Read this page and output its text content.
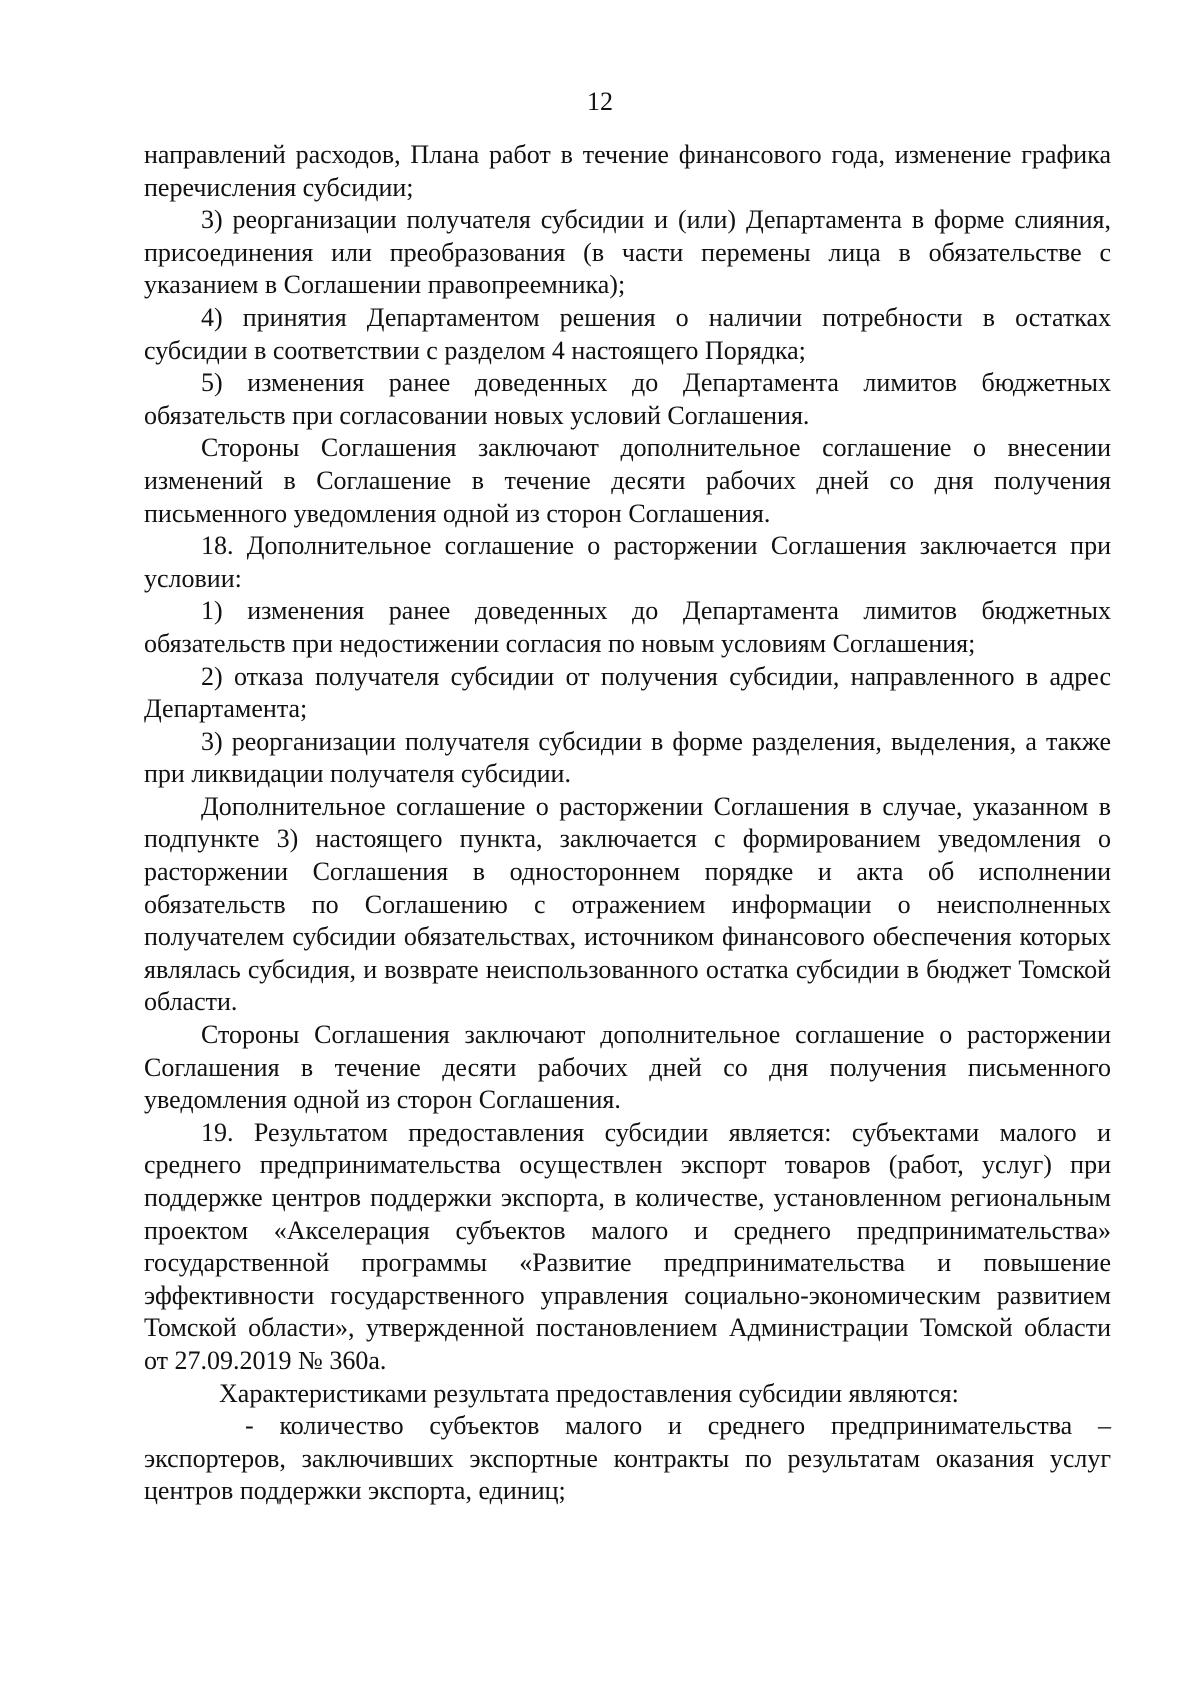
12

направлений расходов, Плана работ в течение финансового года, изменение графика перечисления субсидии;

3) реорганизации получателя субсидии и (или) Департамента в форме слияния, присоединения или преобразования (в части перемены лица в обязательстве с указанием в Соглашении правопреемника);

4) принятия Департаментом решения о наличии потребности в остатках субсидии в соответствии с разделом 4 настоящего Порядка;

5) изменения ранее доведенных до Департамента лимитов бюджетных обязательств при согласовании новых условий Соглашения.

Стороны Соглашения заключают дополнительное соглашение о внесении изменений в Соглашение в течение десяти рабочих дней со дня получения письменного уведомления одной из сторон Соглашения.

18. Дополнительное соглашение о расторжении Соглашения заключается при условии:

1) изменения ранее доведенных до Департамента лимитов бюджетных обязательств при недостижении согласия по новым условиям Соглашения;

2) отказа получателя субсидии от получения субсидии, направленного в адрес Департамента;

3) реорганизации получателя субсидии в форме разделения, выделения, а также при ликвидации получателя субсидии.

Дополнительное соглашение о расторжении Соглашения в случае, указанном в подпункте 3) настоящего пункта, заключается с формированием уведомления о расторжении Соглашения в одностороннем порядке и акта об исполнении обязательств по Соглашению с отражением информации о неисполненных получателем субсидии обязательствах, источником финансового обеспечения которых являлась субсидия, и возврате неиспользованного остатка субсидии в бюджет Томской области.

Стороны Соглашения заключают дополнительное соглашение о расторжении Соглашения в течение десяти рабочих дней со дня получения письменного уведомления одной из сторон Соглашения.

19. Результатом предоставления субсидии является: субъектами малого и среднего предпринимательства осуществлен экспорт товаров (работ, услуг) при поддержке центров поддержки экспорта, в количестве, установленном региональным проектом «Акселерация субъектов малого и среднего предпринимательства» государственной программы «Развитие предпринимательства и повышение эффективности государственного управления социально-экономическим развитием Томской области», утвержденной постановлением Администрации Томской области от 27.09.2019 № 360а.

Характеристиками результата предоставления субсидии являются:

- количество субъектов малого и среднего предпринимательства – экспортеров, заключивших экспортные контракты по результатам оказания услуг центров поддержки экспорта, единиц;
